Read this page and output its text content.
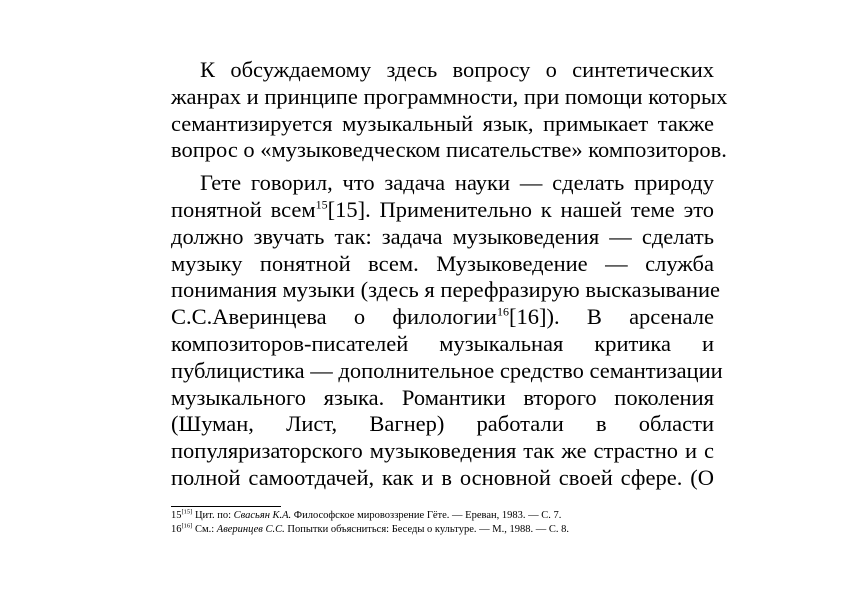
К обсуждаемому здесь вопросу о синтетических
жанрах и принципе программности, при помощи которых
семантизируется музыкальный язык, примыкает также
вопрос о «музыковедческом писательстве» композиторов.
Гете говорил, что задача науки — сделать природу
понятной всем$^{15}$[15]. Применительно к нашей теме это
должно звучать так: задача музыковедения — сделать
музыку понятной всем. Музыковедение — служба
понимания музыки (здесь я перефразирую высказывание
С.С.Аверинцева о филологии$^{16}$[16]). В арсенале
композиторов-писателей музыкальная критика и
публицистика — дополнительное средство семантизации
музыкального языка. Романтики второго поколения
(Шуман, Лист, Вагнер) работали в области
популяризаторского музыковедения так же страстно и с
полной самоотдачей, как и в основной своей сфере. (О
15[15] Цит. по: Свасьян К.А. Философское мировоззрение Гёте. — Ереван, 1983. — С. 7.
16[16] См.: Аверинцев С.С. Попытки объясниться: Беседы о культуре. — М., 1988. — С. 8.
